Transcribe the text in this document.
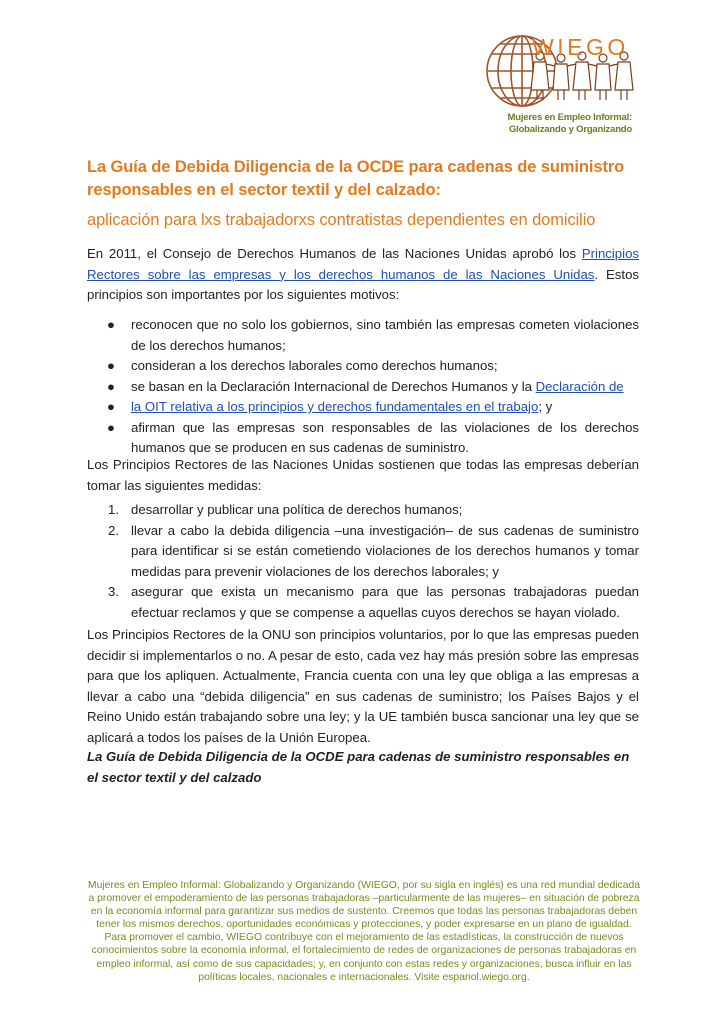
WIEGO
Mujeres en Empleo Informal:
Globalizando y Organizando
La Guía de Debida Diligencia de la OCDE para cadenas de suministro responsables en el sector textil y del calzado:
aplicación para lxs trabajadorxs contratistas dependientes en domicilio
En 2011, el Consejo de Derechos Humanos de las Naciones Unidas aprobó los Principios Rectores sobre las empresas y los derechos humanos de las Naciones Unidas. Estos principios son importantes por los siguientes motivos:
● reconocen que no solo los gobiernos, sino también las empresas cometen violaciones de los derechos humanos;
● consideran a los derechos laborales como derechos humanos;
● se basan en la Declaración Internacional de Derechos Humanos y la Declaración de
● la OIT relativa a los principios y derechos fundamentales en el trabajo; y
● afirman que las empresas son responsables de las violaciones de los derechos humanos que se producen en sus cadenas de suministro.
Los Principios Rectores de las Naciones Unidas sostienen que todas las empresas deberían tomar las siguientes medidas:
1. desarrollar y publicar una política de derechos humanos;
2. llevar a cabo la debida diligencia –una investigación– de sus cadenas de suministro para identificar si se están cometiendo violaciones de los derechos humanos y tomar medidas para prevenir violaciones de los derechos laborales; y
3. asegurar que exista un mecanismo para que las personas trabajadoras puedan efectuar reclamos y que se compense a aquellas cuyos derechos se hayan violado.
Los Principios Rectores de la ONU son principios voluntarios, por lo que las empresas pueden decidir si implementarlos o no. A pesar de esto, cada vez hay más presión sobre las empresas para que los apliquen. Actualmente, Francia cuenta con una ley que obliga a las empresas a llevar a cabo una “debida diligencia” en sus cadenas de suministro; los Países Bajos y el Reino Unido están trabajando sobre una ley; y la UE también busca sancionar una ley que se aplicará a todos los países de la Unión Europea.
La Guía de Debida Diligencia de la OCDE para cadenas de suministro responsables en el sector textil y del calzado
Mujeres en Empleo Informal: Globalizando y Organizando (WIEGO, por su sigla en inglés) es una red mundial dedicada a promover el empoderamiento de las personas trabajadoras –particularmente de las mujeres– en situación de pobreza en la economía informal para garantizar sus medios de sustento. Creemos que todas las personas trabajadoras deben tener los mismos derechos, oportunidades económicas y protecciones, y poder expresarse en un plano de igualdad. Para promover el cambio, WIEGO contribuye con el mejoramiento de las estadísticas, la construcción de nuevos conocimientos sobre la economía informal, el fortalecimiento de redes de organizaciones de personas trabajadoras en empleo informal, así como de sus capacidades; y, en conjunto con estas redes y organizaciones, busca influir en las políticas locales, nacionales e internacionales. Visite espanol.wiego.org.
